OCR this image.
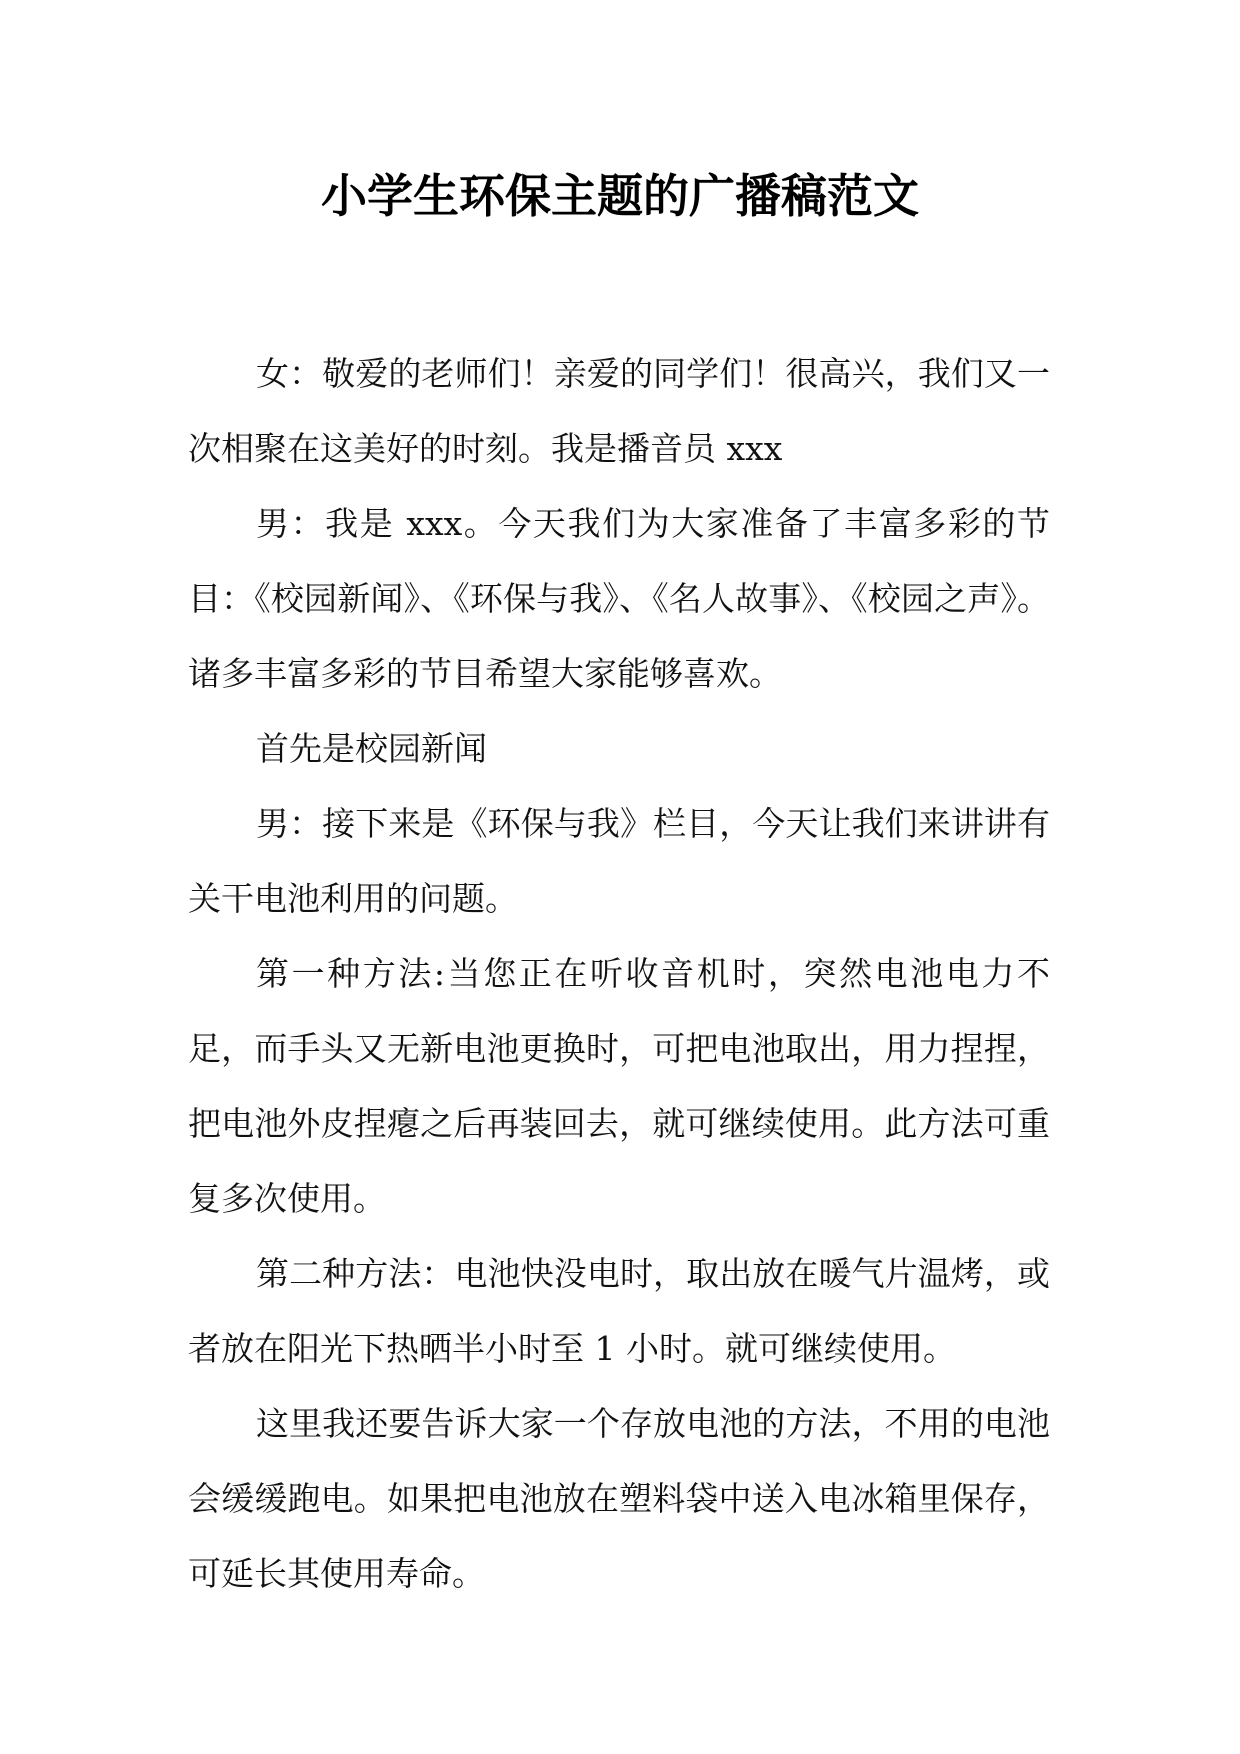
小学生环保主题的广播稿范文

女：敬爱的老师们！亲爱的同学们！很高兴，我们又一次相聚在这美好的时刻。我是播音员 xxx

男：我是 xxx。今天我们为大家准备了丰富多彩的节目：《校园新闻》、《环保与我》、《名人故事》、《校园之声》。诸多丰富多彩的节目希望大家能够喜欢。

首先是校园新闻

男：接下来是《环保与我》栏目，今天让我们来讲讲有关干电池利用的问题。

第一种方法:当您正在听收音机时，突然电池电力不足，而手头又无新电池更换时，可把电池取出，用力捏捏，把电池外皮捏瘪之后再装回去，就可继续使用。此方法可重复多次使用。

第二种方法：电池快没电时，取出放在暖气片温烤，或者放在阳光下热晒半小时至 1 小时。就可继续使用。

这里我还要告诉大家一个存放电池的方法，不用的电池会缓缓跑电。如果把电池放在塑料袋中送入电冰箱里保存，可延长其使用寿命。
